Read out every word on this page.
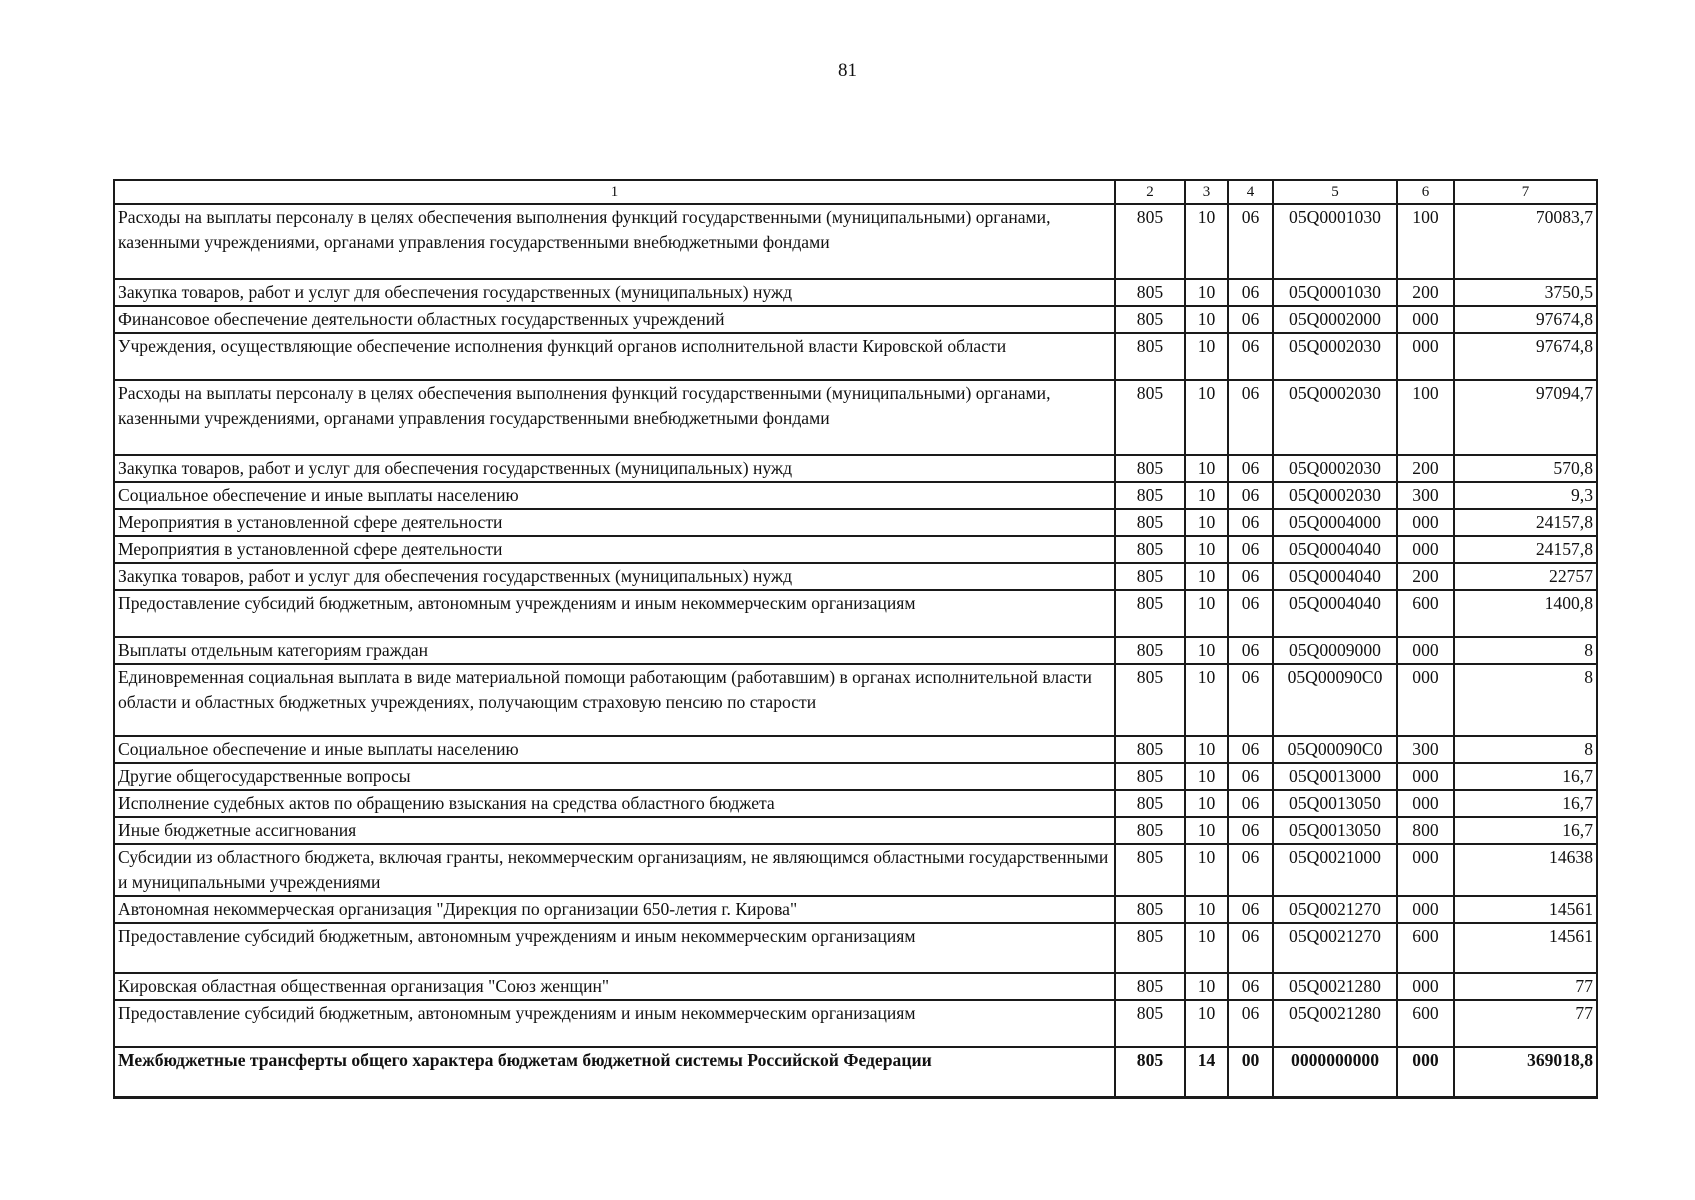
81
1	2	3	4	5	6	7
Расходы на выплаты персоналу в целях обеспечения выполнения функций государственными (муниципальными) органами, казенными учреждениями, органами управления государственными внебюджетными фондами	805	10	06	05Q0001030	100	70083,7
Закупка товаров, работ и услуг для обеспечения государственных (муниципальных) нужд	805	10	06	05Q0001030	200	3750,5
Финансовое обеспечение деятельности областных государственных учреждений	805	10	06	05Q0002000	000	97674,8
Учреждения, осуществляющие обеспечение исполнения функций органов исполнительной власти Кировской области	805	10	06	05Q0002030	000	97674,8
Расходы на выплаты персоналу в целях обеспечения выполнения функций государственными (муниципальными) органами, казенными учреждениями, органами управления государственными внебюджетными фондами	805	10	06	05Q0002030	100	97094,7
Закупка товаров, работ и услуг для обеспечения государственных (муниципальных) нужд	805	10	06	05Q0002030	200	570,8
Социальное обеспечение и иные выплаты населению	805	10	06	05Q0002030	300	9,3
Мероприятия в установленной сфере деятельности	805	10	06	05Q0004000	000	24157,8
Мероприятия в установленной сфере деятельности	805	10	06	05Q0004040	000	24157,8
Закупка товаров, работ и услуг для обеспечения государственных (муниципальных) нужд	805	10	06	05Q0004040	200	22757
Предоставление субсидий бюджетным, автономным учреждениям и иным некоммерческим организациям	805	10	06	05Q0004040	600	1400,8
Выплаты отдельным категориям граждан	805	10	06	05Q0009000	000	8
Единовременная социальная выплата в виде материальной помощи работающим (работавшим) в органах исполнительной власти области и областных бюджетных учреждениях, получающим страховую пенсию по старости	805	10	06	05Q00090C0	000	8
Социальное обеспечение и иные выплаты населению	805	10	06	05Q00090C0	300	8
Другие общегосударственные вопросы	805	10	06	05Q0013000	000	16,7
Исполнение судебных актов по обращению взыскания на средства областного бюджета	805	10	06	05Q0013050	000	16,7
Иные бюджетные ассигнования	805	10	06	05Q0013050	800	16,7
Субсидии из областного бюджета, включая гранты, некоммерческим организациям, не являющимся областными государственными и муниципальными учреждениями	805	10	06	05Q0021000	000	14638
Автономная некоммерческая организация "Дирекция по организации 650-летия г. Кирова"	805	10	06	05Q0021270	000	14561
Предоставление субсидий бюджетным, автономным учреждениям и иным некоммерческим организациям	805	10	06	05Q0021270	600	14561
Кировская областная общественная организация "Союз женщин"	805	10	06	05Q0021280	000	77
Предоставление субсидий бюджетным, автономным учреждениям и иным некоммерческим организациям	805	10	06	05Q0021280	600	77
Межбюджетные трансферты общего характера бюджетам бюджетной системы Российской Федерации	805	14	00	0000000000	000	369018,8
